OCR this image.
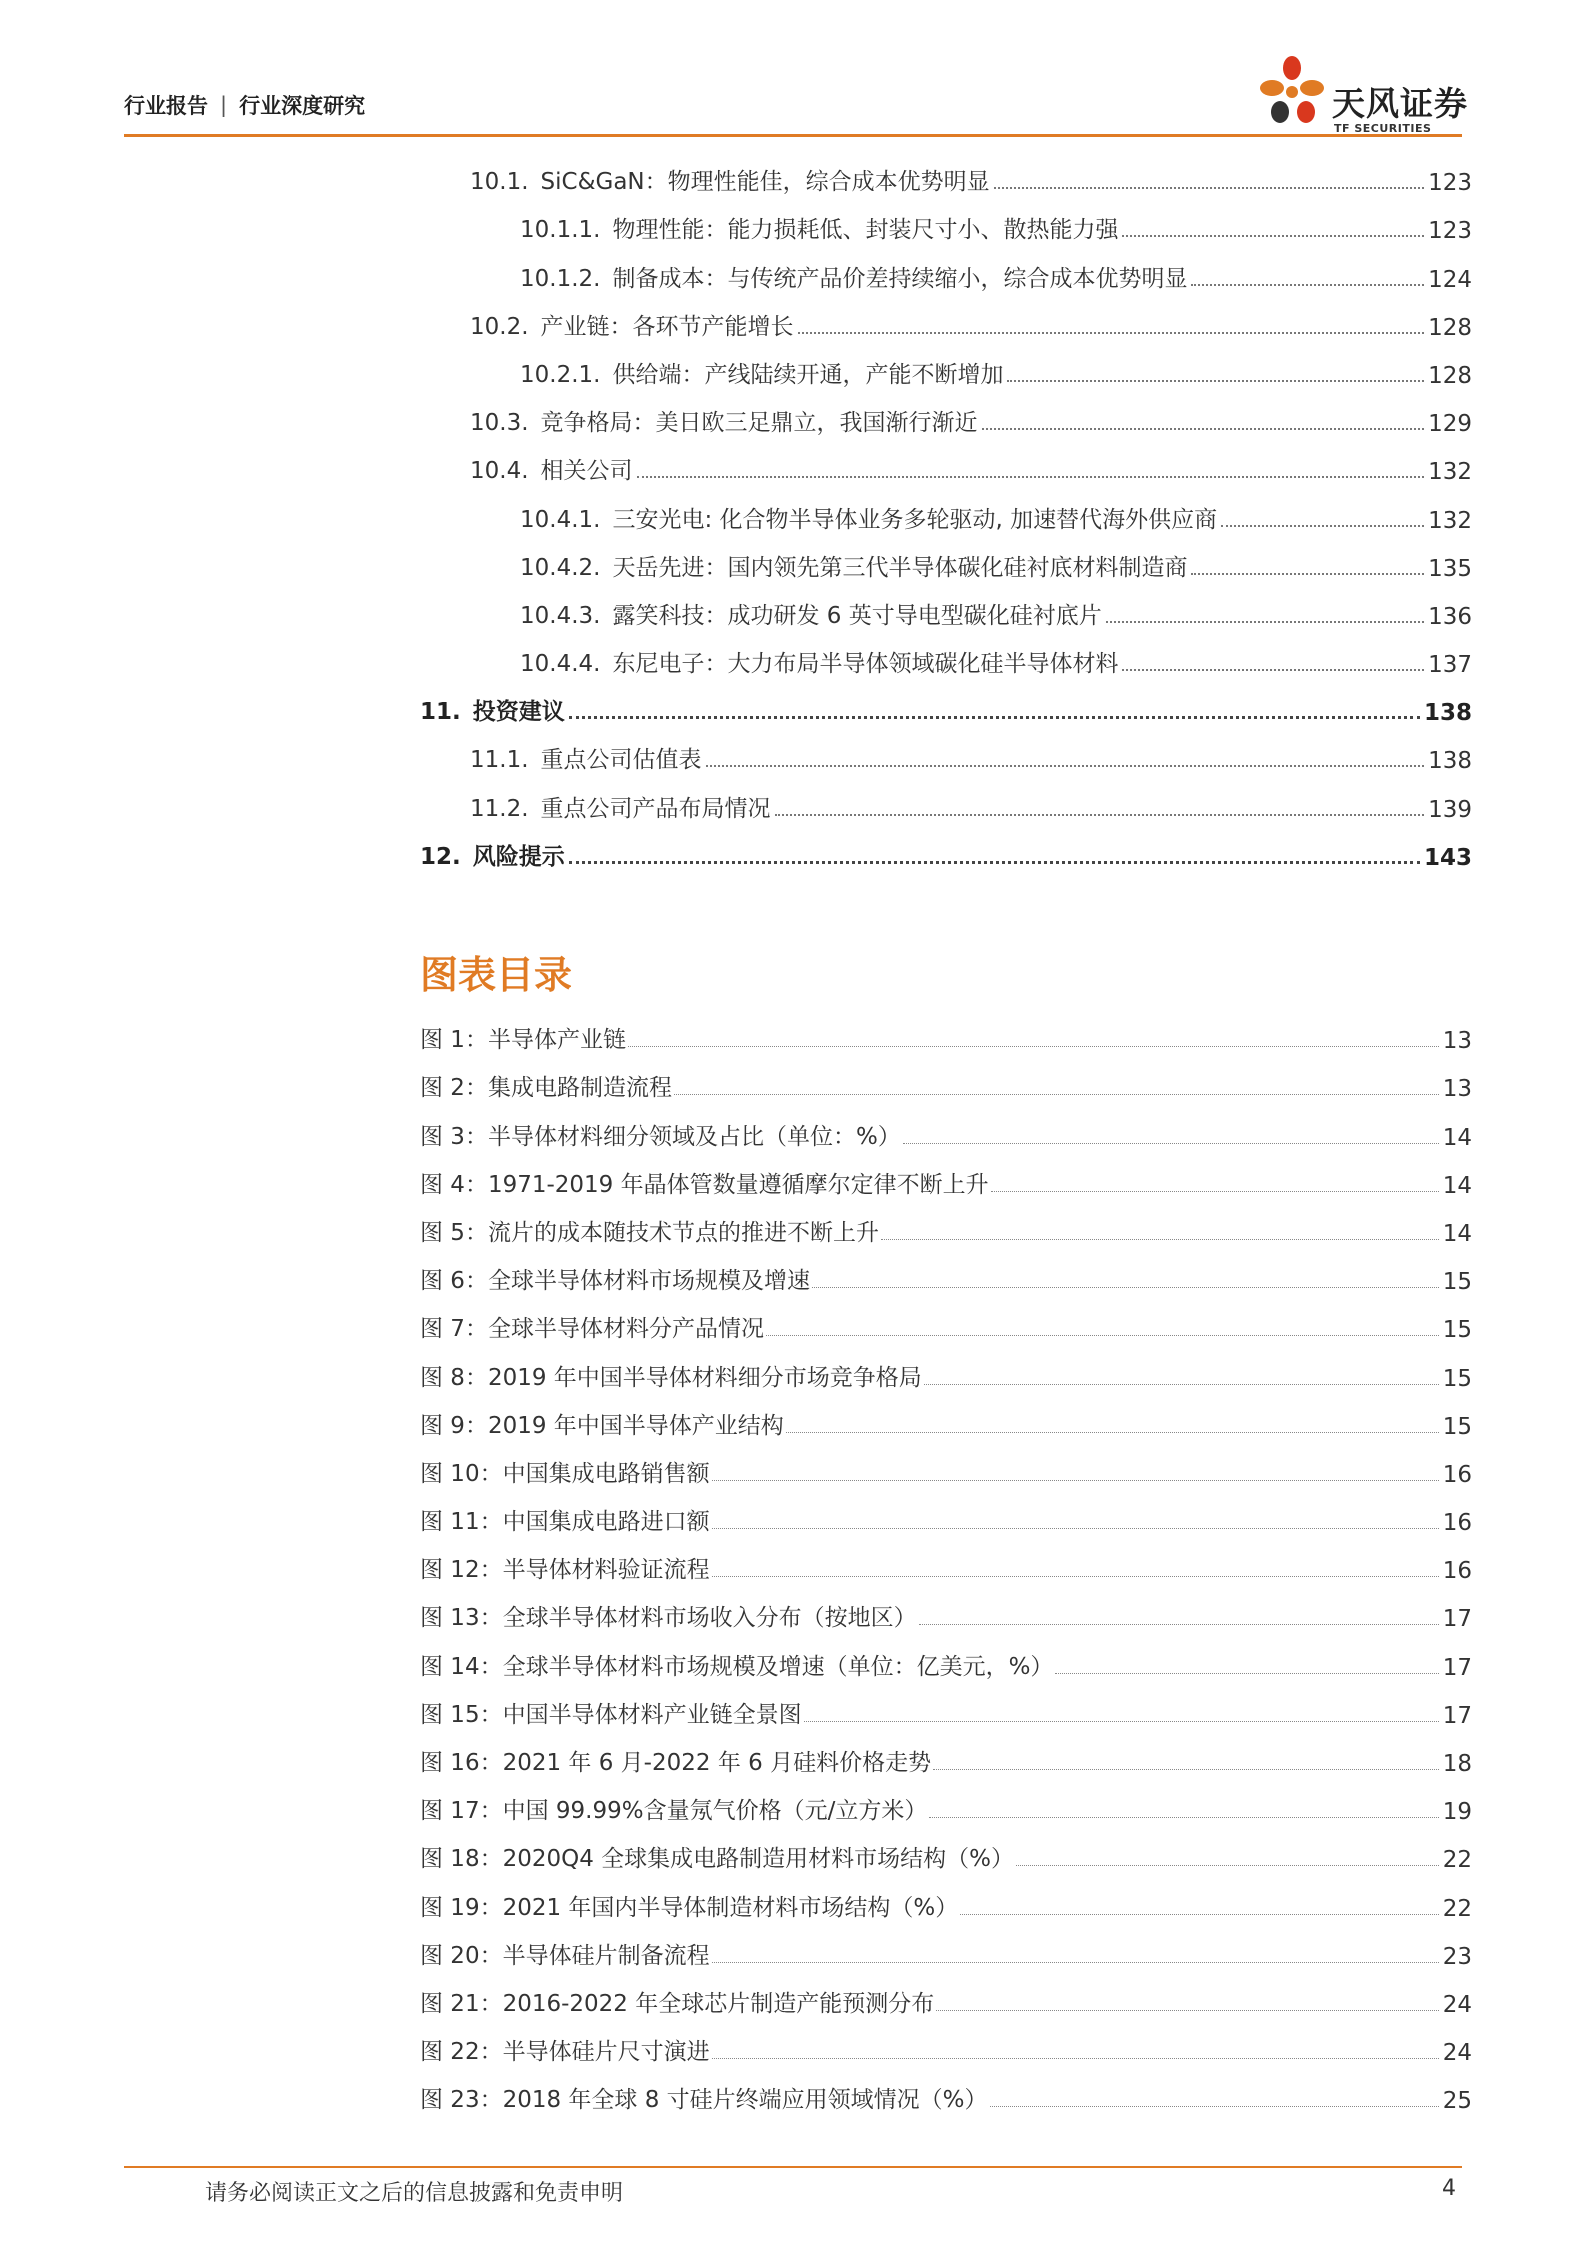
行业报告 | 行业深度研究	天风证券
TF SECURITIES
10.1. SiC&GaN：物理性能佳，综合成本优势明显	123
10.1.1. 物理性能：能力损耗低、封装尺寸小、散热能力强	123
10.1.2. 制备成本：与传统产品价差持续缩小，综合成本优势明显	124
10.2. 产业链：各环节产能增长	128
10.2.1. 供给端：产线陆续开通，产能不断增加	128
10.3. 竞争格局：美日欧三足鼎立，我国渐行渐近	129
10.4. 相关公司	132
10.4.1. 三安光电: 化合物半导体业务多轮驱动, 加速替代海外供应商	132
10.4.2. 天岳先进：国内领先第三代半导体碳化硅衬底材料制造商	135
10.4.3. 露笑科技：成功研发 6 英寸导电型碳化硅衬底片	136
10.4.4. 东尼电子：大力布局半导体领域碳化硅半导体材料	137
11. 投资建议	138
11.1. 重点公司估值表	138
11.2. 重点公司产品布局情况	139
12. 风险提示	143
图表目录
图 1：半导体产业链	13
图 2：集成电路制造流程	13
图 3：半导体材料细分领域及占比（单位：%）	14
图 4：1971-2019 年晶体管数量遵循摩尔定律不断上升	14
图 5：流片的成本随技术节点的推进不断上升	14
图 6：全球半导体材料市场规模及增速	15
图 7：全球半导体材料分产品情况	15
图 8：2019 年中国半导体材料细分市场竞争格局	15
图 9：2019 年中国半导体产业结构	15
图 10：中国集成电路销售额	16
图 11：中国集成电路进口额	16
图 12：半导体材料验证流程	16
图 13：全球半导体材料市场收入分布（按地区）	17
图 14：全球半导体材料市场规模及增速（单位：亿美元，%）	17
图 15：中国半导体材料产业链全景图	17
图 16：2021 年 6 月-2022 年 6 月硅料价格走势	18
图 17：中国 99.99%含量氖气价格（元/立方米）	19
图 18：2020Q4 全球集成电路制造用材料市场结构（%）	22
图 19：2021 年国内半导体制造材料市场结构（%）	22
图 20：半导体硅片制备流程	23
图 21：2016-2022 年全球芯片制造产能预测分布	24
图 22：半导体硅片尺寸演进	24
图 23：2018 年全球 8 寸硅片终端应用领域情况（%）	25
请务必阅读正文之后的信息披露和免责申明	4
